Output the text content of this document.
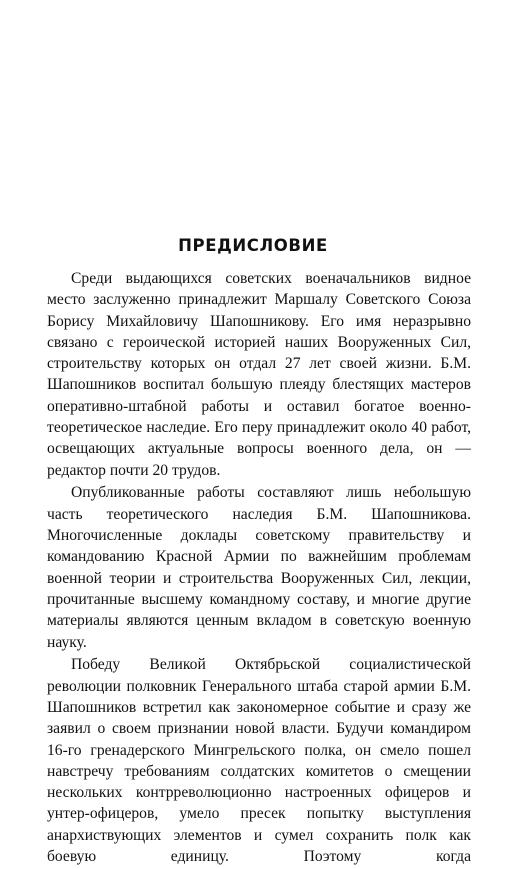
ПРЕДИСЛОВИЕ

Среди выдающихся советских военачальников видное место заслуженно принадлежит Маршалу Советского Союза Борису Михайловичу Шапошникову. Его имя неразрывно связано с героической историей наших Вооруженных Сил, строительству которых он отдал 27 лет своей жизни. Б.М. Шапошников воспитал большую плеяду блестящих мастеров оперативно-штабной работы и оставил богатое военно-теоретическое наследие. Его перу принадлежит около 40 работ, освещающих актуальные вопросы военного дела, он — редактор почти 20 трудов.

Опубликованные работы составляют лишь небольшую часть теоретического наследия Б.М. Шапошникова. Многочисленные доклады советскому правительству и командованию Красной Армии по важнейшим проблемам военной теории и строительства Вооруженных Сил, лекции, прочитанные высшему командному составу, и многие другие материалы являются ценным вкладом в советскую военную науку.

Победу Великой Октябрьской социалистической революции полковник Генерального штаба старой армии Б.М. Шапошников встретил как закономерное событие и сразу же заявил о своем признании новой власти. Будучи командиром 16-го гренадерского Мингрельского полка, он смело пошел навстречу требованиям солдатских комитетов о смещении нескольких контрреволюционно настроенных офицеров и унтер-офицеров, умело пресек попытку выступления анархиствующих элементов и сумел сохранить полк как боевую единицу. Поэтому когда
